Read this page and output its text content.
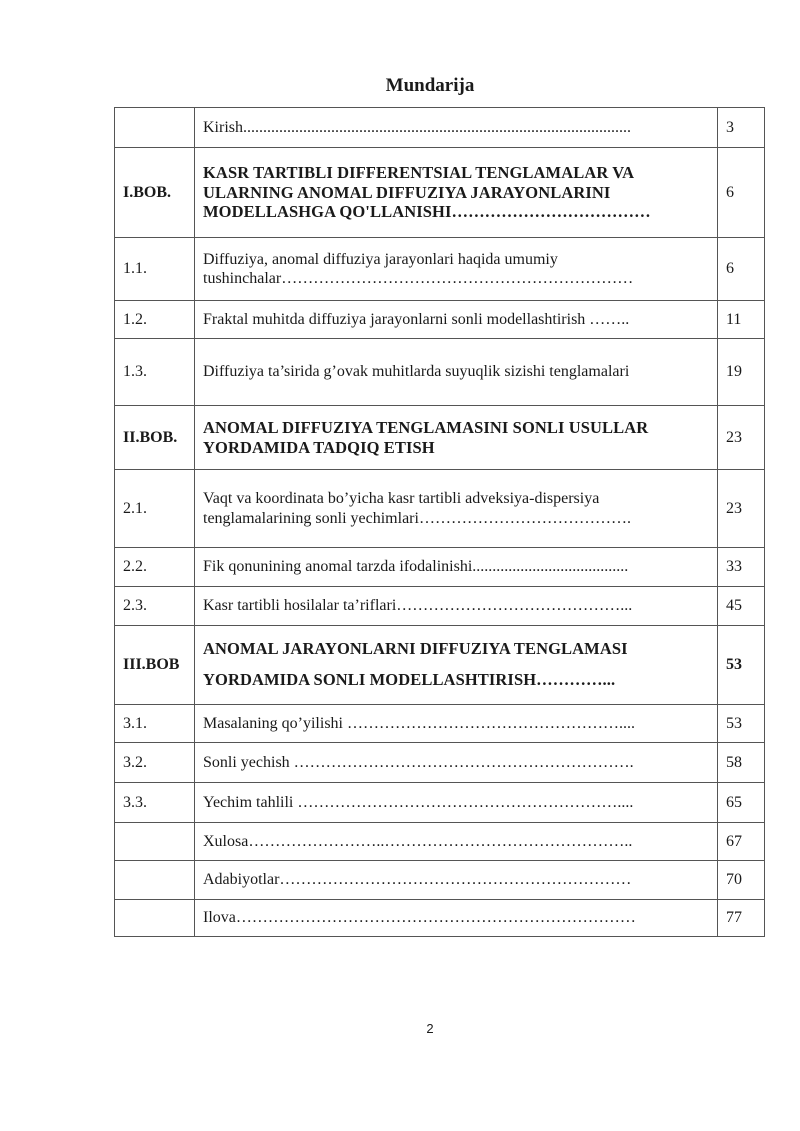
Mundarija
	Kirish.................................................................................................	3
I.BOB.	KASR TARTIBLI DIFFERENTSIAL TENGLAMALAR VA ULARNING ANOMAL DIFFUZIYA JARAYONLARINI MODELLASHGA QO'LLANISHI………………………………	6
1.1.	Diffuziya, anomal diffuziya jarayonlari haqida umumiy tushinchalar…………………………………………………………	6
1.2.	Fraktal muhitda diffuziya jarayonlarni sonli modellashtirish ……..	11
1.3.	Diffuziya ta’sirida g’ovak muhitlarda suyuqlik sizishi tenglamalari	19
II.BOB.	ANOMAL DIFFUZIYA TENGLAMASINI SONLI USULLAR YORDAMIDA TADQIQ ETISH	23
2.1.	Vaqt va koordinata bo’yicha kasr tartibli adveksiya-dispersiya tenglamalarining sonli yechimlari………………………………….	23
2.2.	Fik qonunining anomal tarzda ifodalinishi.......................................	33
2.3.	Kasr tartibli hosilalar ta’riflari……………………………………...	45
III.BOB	ANOMAL JARAYONLARNI DIFFUZIYA TENGLAMASI YORDAMIDA SONLI MODELLASHTIRISH…………...	53
3.1.	Masalaning qo’yilishi ……………………………………………....	53
3.2.	Sonli yechish ……………………………………………………….	58
3.3.	Yechim tahlili ……………………………………………………....	65
	Xulosa……………………..………………………………………..	67
	Adabiyotlar…………………………………………………………	70
	Ilova…………………………………………………………………	77
2
